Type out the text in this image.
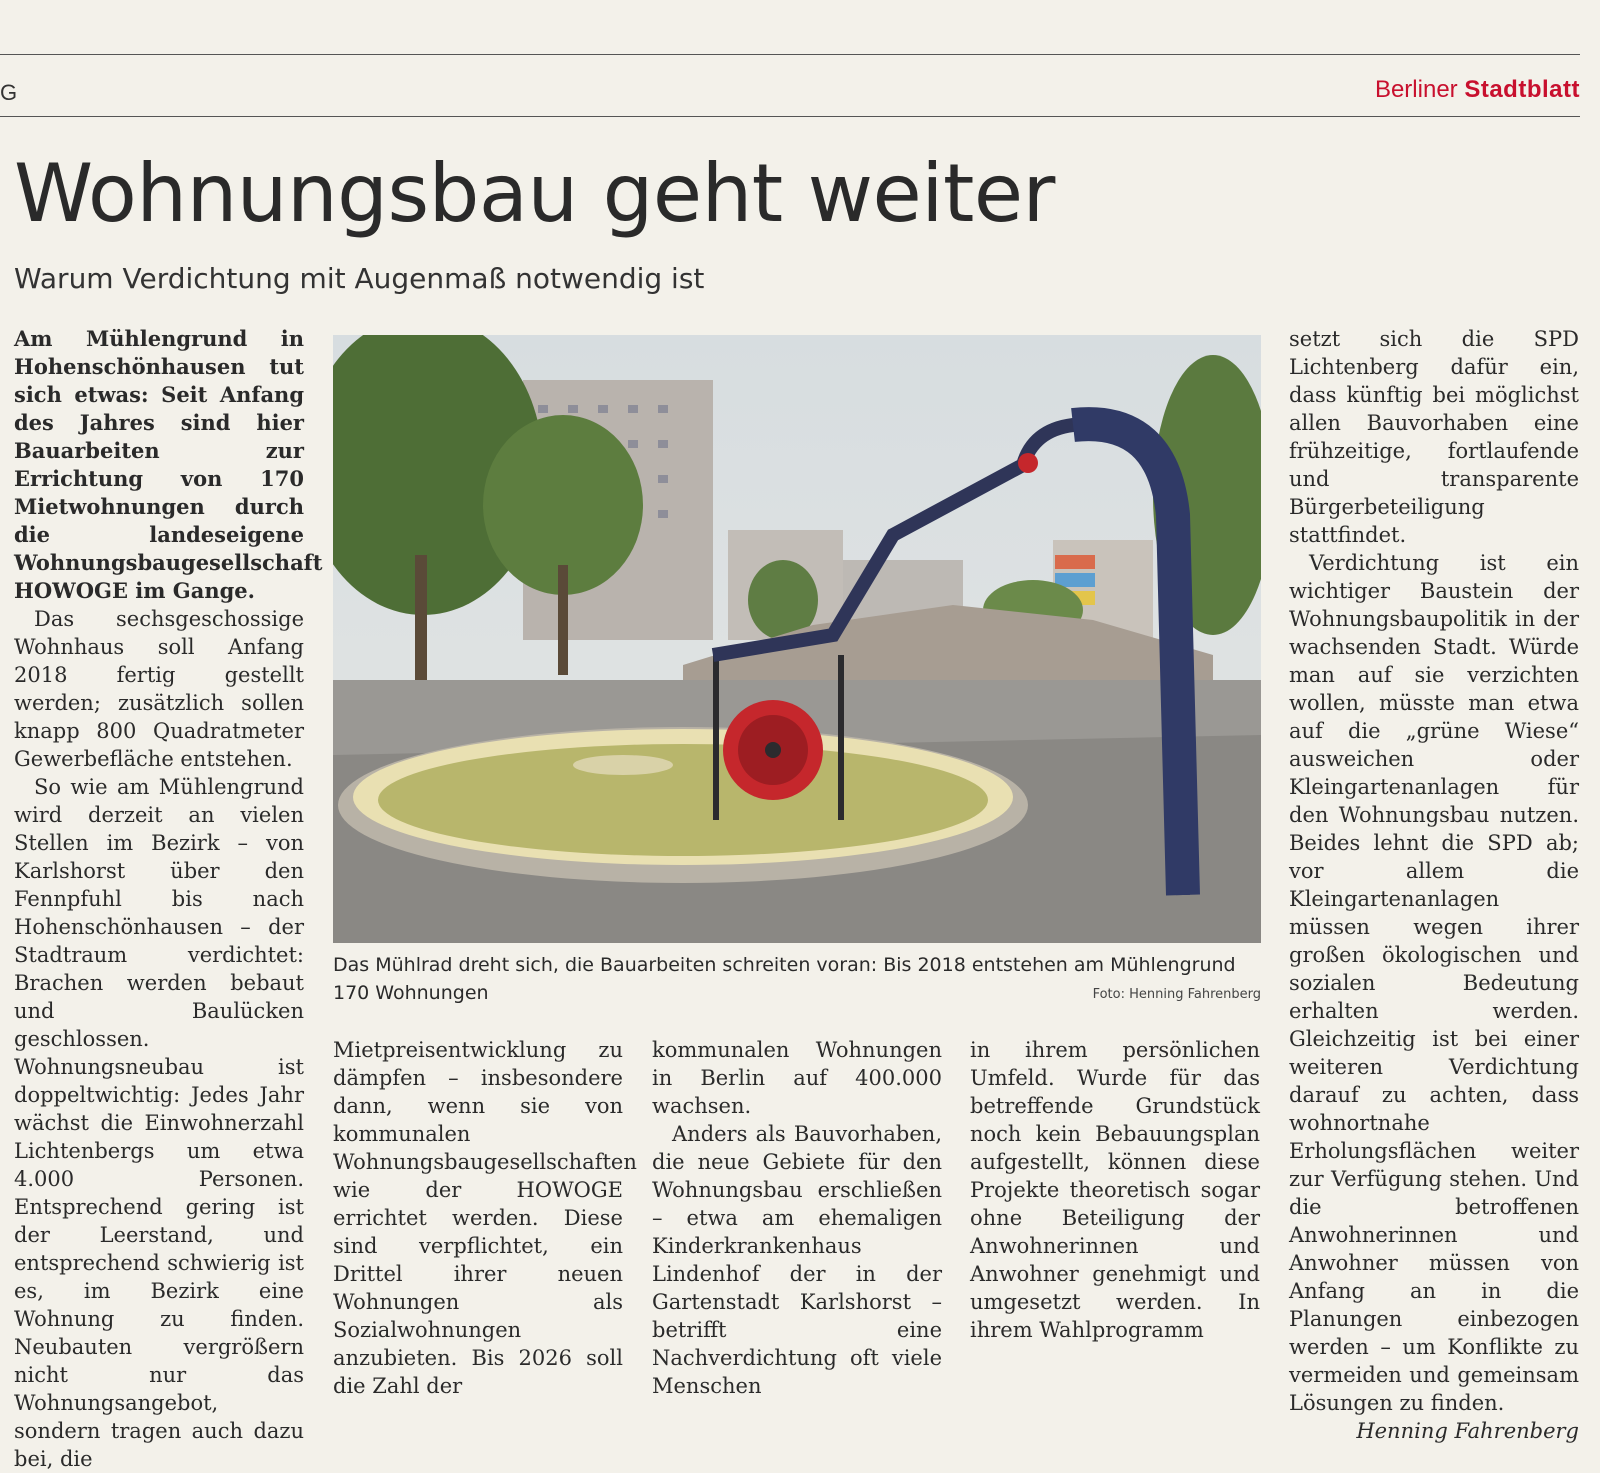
G	Berliner Stadtblatt
Wohnungsbau geht weiter
Warum Verdichtung mit Augenmaß notwendig ist

Am Mühlengrund in Hohenschönhausen tut sich etwas: Seit Anfang des Jahres sind hier Bauarbeiten zur Errichtung von 170 Mietwohnungen durch die landeseigene Wohnungsbaugesellschaft HOWOGE im Gange.

Das sechsgeschossige Wohnhaus soll Anfang 2018 fertig gestellt werden; zusätzlich sollen knapp 800 Quadratmeter Gewerbefläche entstehen.

So wie am Mühlengrund wird derzeit an vielen Stellen im Bezirk – von Karlshorst über den Fennpfuhl bis nach Hohenschönhausen – der Stadtraum verdichtet: Brachen werden bebaut und Baulücken geschlossen. Wohnungsneubau ist doppeltwichtig: Jedes Jahr wächst die Einwohnerzahl Lichtenbergs um etwa 4.000 Personen. Entsprechend gering ist der Leerstand, und entsprechend schwierig ist es, im Bezirk eine Wohnung zu finden. Neubauten vergrößern nicht nur das Wohnungsangebot, sondern tragen auch dazu bei, die

Das Mühlrad dreht sich, die Bauarbeiten schreiten voran: Bis 2018 entstehen am Mühlengrund 170 Wohnungen	Foto: Henning Fahrenberg

Mietpreisentwicklung zu dämpfen – insbesondere dann, wenn sie von kommunalen Wohnungsbaugesellschaften wie der HOWOGE errichtet werden. Diese sind verpflichtet, ein Drittel ihrer neuen Wohnungen als Sozialwohnungen anzubieten. Bis 2026 soll die Zahl der

kommunalen Wohnungen in Berlin auf 400.000 wachsen.

Anders als Bauvorhaben, die neue Gebiete für den Wohnungsbau erschließen – etwa am ehemaligen Kinderkrankenhaus Lindenhof der in der Gartenstadt Karlshorst – betrifft eine Nachverdichtung oft viele Menschen

in ihrem persönlichen Umfeld. Wurde für das betreffende Grundstück noch kein Bebauungsplan aufgestellt, können diese Projekte theoretisch sogar ohne Beteiligung der Anwohnerinnen und Anwohner genehmigt und umgesetzt werden. In ihrem Wahlprogramm

setzt sich die SPD Lichtenberg dafür ein, dass künftig bei möglichst allen Bauvorhaben eine frühzeitige, fortlaufende und transparente Bürgerbeteiligung stattfindet.

Verdichtung ist ein wichtiger Baustein der Wohnungsbaupolitik in der wachsenden Stadt. Würde man auf sie verzichten wollen, müsste man etwa auf die „grüne Wiese“ ausweichen oder Kleingartenanlagen für den Wohnungsbau nutzen. Beides lehnt die SPD ab; vor allem die Kleingartenanlagen müssen wegen ihrer großen ökologischen und sozialen Bedeutung erhalten werden. Gleichzeitig ist bei einer weiteren Verdichtung darauf zu achten, dass wohnortnahe Erholungsflächen weiter zur Verfügung stehen. Und die betroffenen Anwohnerinnen und Anwohner müssen von Anfang an in die Planungen einbezogen werden – um Konflikte zu vermeiden und gemeinsam Lösungen zu finden.

Henning Fahrenberg
